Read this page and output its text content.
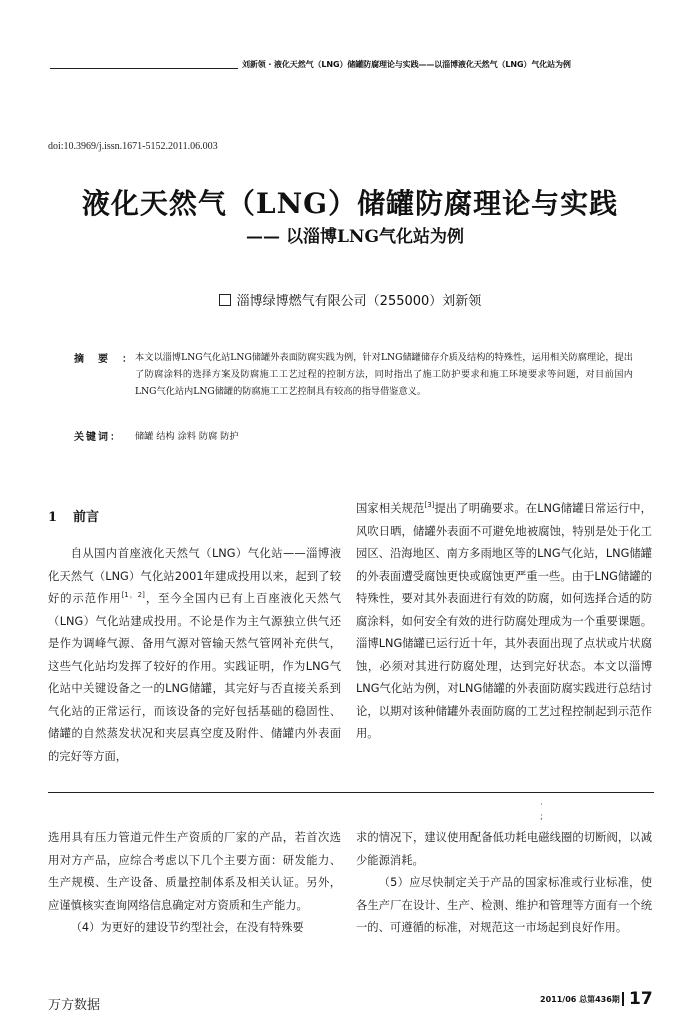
刘新领 · 液化天然气（LNG）储罐防腐理论与实践——以淄博液化天然气（LNG）气化站为例
doi:10.3969/j.issn.1671-5152.2011.06.003
液化天然气（LNG）储罐防腐理论与实践
—— 以淄博LNG气化站为例
淄博绿博燃气有限公司（255000）刘新领
摘要：
本文以淄博LNG气化站LNG储罐外表面防腐实践为例，针对LNG储罐储存介质及结构的特殊性，运用相关防腐理论，提出了防腐涂料的选择方案及防腐施工工艺过程的控制方法，同时指出了施工防护要求和施工环境要求等问题，对目前国内LNG气化站内LNG储罐的防腐施工工艺控制具有较高的指导借鉴意义。
关键词： 储罐 结构 涂料 防腐 防护
1 前言

自从国内首座液化天然气（LNG）气化站——淄博液化天然气（LNG）气化站2001年建成投用以来，起到了较好的示范作用[1，2]，至今全国内已有上百座液化天然气（LNG）气化站建成投用。不论是作为主气源独立供气还是作为调峰气源、备用气源对管输天然气管网补充供气，这些气化站均发挥了较好的作用。实践证明，作为LNG气化站中关键设备之一的LNG储罐，其完好与否直接关系到气化站的正常运行，而该设备的完好包括基础的稳固性、储罐的自然蒸发状况和夹层真空度及附件、储罐内外表面的完好等方面，

国家相关规范[3]提出了明确要求。在LNG储罐日常运行中，风吹日晒，储罐外表面不可避免地被腐蚀，特别是处于化工园区、沿海地区、南方多雨地区等的LNG气化站，LNG储罐的外表面遭受腐蚀更快或腐蚀更严重一些。由于LNG储罐的特殊性，要对其外表面进行有效的防腐，如何选择合适的防腐涂料，如何安全有效的进行防腐处理成为一个重要课题。淄博LNG储罐已运行近十年，其外表面出现了点状或片状腐蚀，必须对其进行防腐处理，达到完好状态。本文以淄博LNG气化站为例，对LNG储罐的外表面防腐实践进行总结讨论，以期对该种储罐外表面防腐的工艺过程控制起到示范作用。

·
;

选用具有压力管道元件生产资质的厂家的产品，若首次选用对方产品，应综合考虑以下几个主要方面：研发能力、生产规模、生产设备、质量控制体系及相关认证。另外，应谨慎核实查询网络信息确定对方资质和生产能力。

（4）为更好的建设节约型社会，在没有特殊要

求的情况下，建议使用配备低功耗电磁线圈的切断阀，以减少能源消耗。

（5）应尽快制定关于产品的国家标准或行业标准，使各生产厂在设计、生产、检测、维护和管理等方面有一个统一的、可遵循的标准，对规范这一市场起到良好作用。

万方数据	2011/06 总第436期 17
